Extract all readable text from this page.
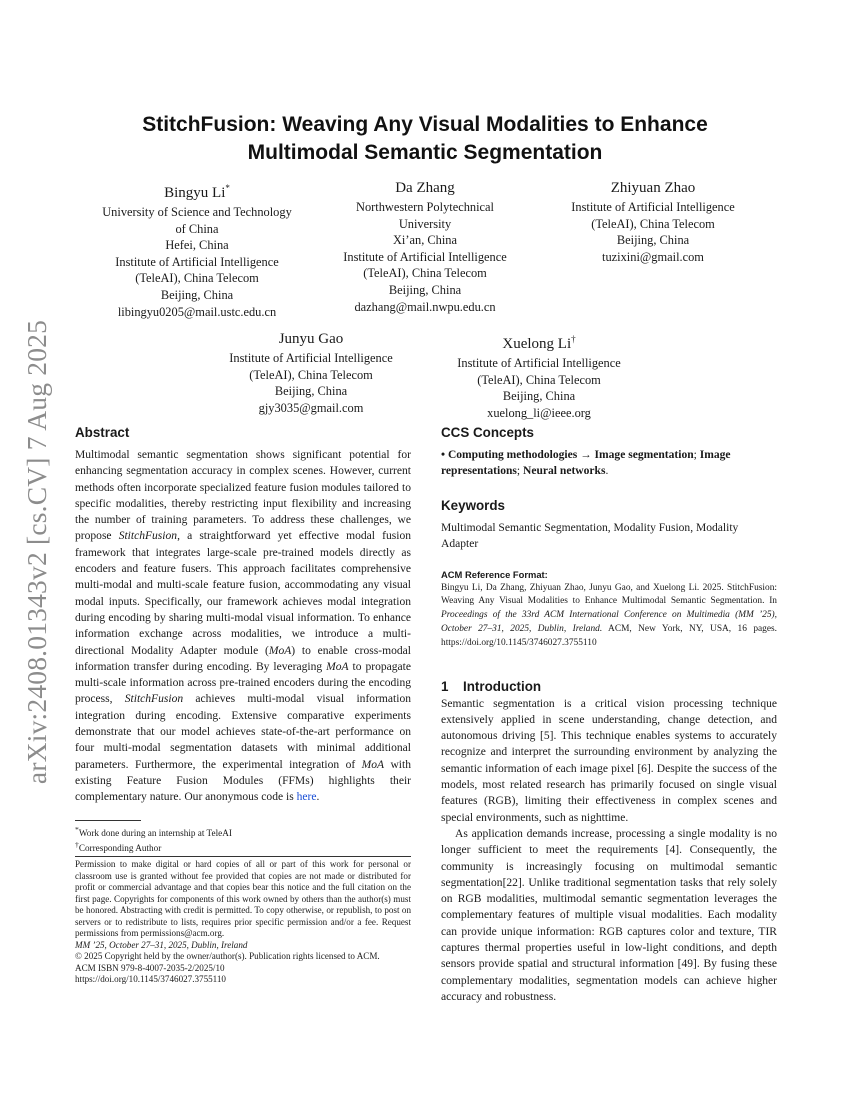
arXiv:2408.01343v2 [cs.CV] 7 Aug 2025
StitchFusion: Weaving Any Visual Modalities to Enhance
Multimodal Semantic Segmentation
Bingyu Li*
University of Science and Technology
of China
Hefei, China
Institute of Artificial Intelligence
(TeleAI), China Telecom
Beijing, China
libingyu0205@mail.ustc.edu.cn
Da Zhang
Northwestern Polytechnical
University
Xi’an, China
Institute of Artificial Intelligence
(TeleAI), China Telecom
Beijing, China
dazhang@mail.nwpu.edu.cn
Zhiyuan Zhao
Institute of Artificial Intelligence
(TeleAI), China Telecom
Beijing, China
tuzixini@gmail.com
Junyu Gao
Institute of Artificial Intelligence
(TeleAI), China Telecom
Beijing, China
gjy3035@gmail.com
Xuelong Li†
Institute of Artificial Intelligence
(TeleAI), China Telecom
Beijing, China
xuelong_li@ieee.org
Abstract

Multimodal semantic segmentation shows significant potential for enhancing segmentation accuracy in complex scenes. However, current methods often incorporate specialized feature fusion modules tailored to specific modalities, thereby restricting input flexibility and increasing the number of training parameters. To address these challenges, we propose StitchFusion, a straightforward yet effective modal fusion framework that integrates large-scale pre-trained models directly as encoders and feature fusers. This approach facilitates comprehensive multi-modal and multi-scale feature fusion, accommodating any visual modal inputs. Specifically, our framework achieves modal integration during encoding by sharing multi-modal visual information. To enhance information exchange across modalities, we introduce a multi-directional Modality Adapter module (MoA) to enable cross-modal information transfer during encoding. By leveraging MoA to propagate multi-scale information across pre-trained encoders during the encoding process, StitchFusion achieves multi-modal visual information integration during encoding. Extensive comparative experiments demonstrate that our model achieves state-of-the-art performance on four multi-modal segmentation datasets with minimal additional parameters. Furthermore, the experimental integration of MoA with existing Feature Fusion Modules (FFMs) highlights their complementary nature. Our anonymous code is here.

*Work done during an internship at TeleAI
†Corresponding Author

Permission to make digital or hard copies of all or part of this work for personal or classroom use is granted without fee provided that copies are not made or distributed for profit or commercial advantage and that copies bear this notice and the full citation on the first page. Copyrights for components of this work owned by others than the author(s) must be honored. Abstracting with credit is permitted. To copy otherwise, or republish, to post on servers or to redistribute to lists, requires prior specific permission and/or a fee. Request permissions from permissions@acm.org.

MM ’25, October 27–31, 2025, Dublin, Ireland

© 2025 Copyright held by the owner/author(s). Publication rights licensed to ACM.

ACM ISBN 979-8-4007-2035-2/2025/10

https://doi.org/10.1145/3746027.3755110

CCS Concepts
• Computing methodologies → Image segmentation; Image representations; Neural networks.
Keywords

Multimodal Semantic Segmentation, Modality Fusion, Modality Adapter

ACM Reference Format:

Bingyu Li, Da Zhang, Zhiyuan Zhao, Junyu Gao, and Xuelong Li. 2025. StitchFusion: Weaving Any Visual Modalities to Enhance Multimodal Semantic Segmentation. In Proceedings of the 33rd ACM International Conference on Multimedia (MM ’25), October 27–31, 2025, Dublin, Ireland. ACM, New York, NY, USA, 16 pages. https://doi.org/10.1145/3746027.3755110

1 Introduction

Semantic segmentation is a critical vision processing technique extensively applied in scene understanding, change detection, and autonomous driving [5]. This technique enables systems to accurately recognize and interpret the surrounding environment by analyzing the semantic information of each image pixel [6]. Despite the success of the models, most related research has primarily focused on single visual features (RGB), limiting their effectiveness in complex scenes and special environments, such as nighttime.

As application demands increase, processing a single modality is no longer sufficient to meet the requirements [4]. Consequently, the community is increasingly focusing on multimodal semantic segmentation[22]. Unlike traditional segmentation tasks that rely solely on RGB modalities, multimodal semantic segmentation leverages the complementary features of multiple visual modalities. Each modality can provide unique information: RGB captures color and texture, TIR captures thermal properties useful in low-light conditions, and depth sensors provide spatial and structural information [49]. By fusing these complementary modalities, segmentation models can achieve higher accuracy and robustness.
